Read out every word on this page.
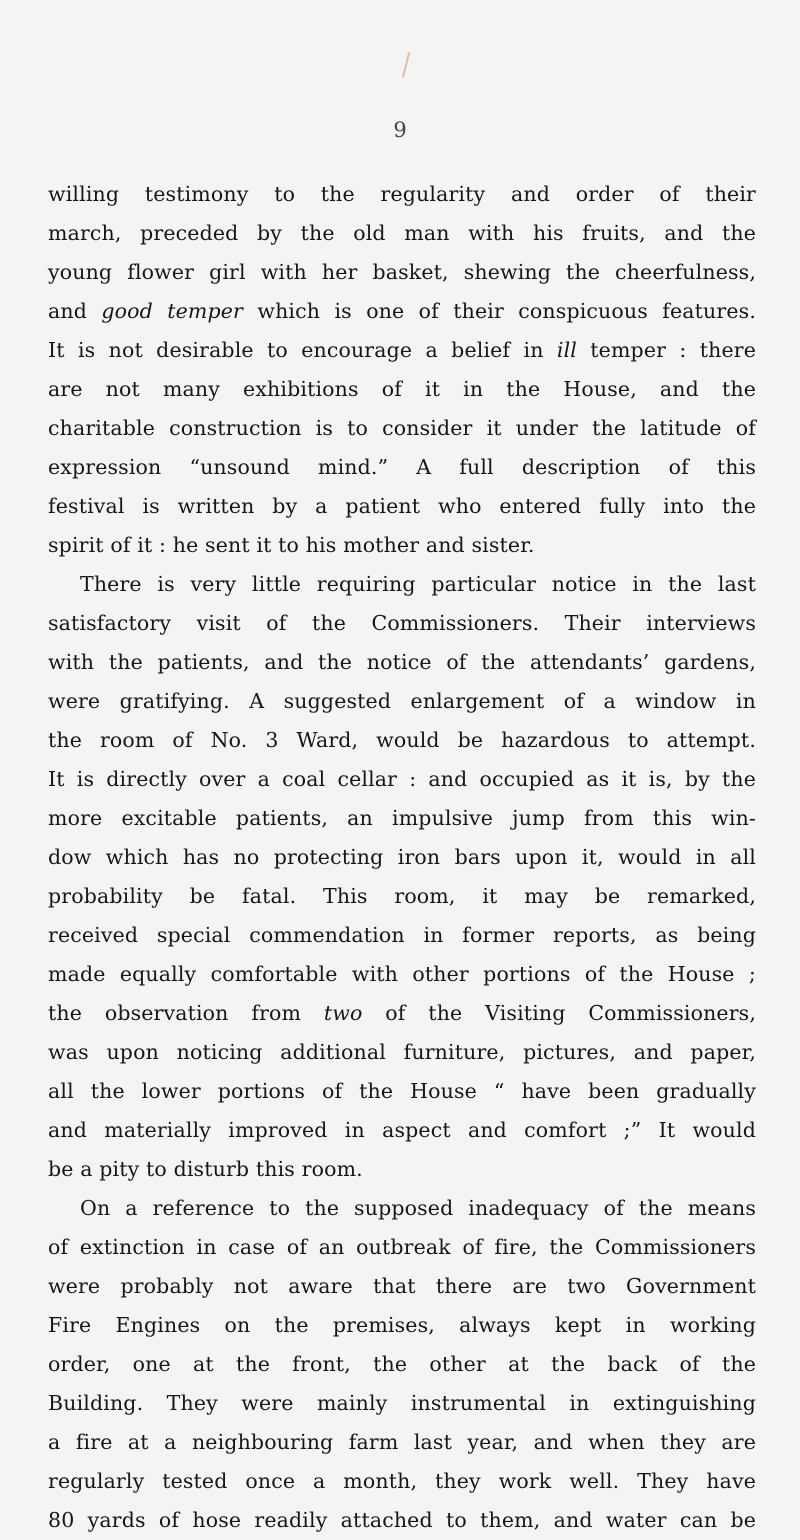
9
willing testimony to the regularity and order of their
march, preceded by the old man with his fruits, and the
young flower girl with her basket, shewing the cheerfulness,
and good temper which is one of their conspicuous features.
It is not desirable to encourage a belief in ill temper : there
are not many exhibitions of it in the House, and the
charitable construction is to consider it under the latitude of
expression “unsound mind.” A full description of this
festival is written by a patient who entered fully into the
spirit of it : he sent it to his mother and sister.
There is very little requiring particular notice in the last
satisfactory visit of the Commissioners. Their interviews
with the patients, and the notice of the attendants’ gardens,
were gratifying. A suggested enlargement of a window in
the room of No. 3 Ward, would be hazardous to attempt.
It is directly over a coal cellar : and occupied as it is, by the
more excitable patients, an impulsive jump from this win-
dow which has no protecting iron bars upon it, would in all
probability be fatal. This room, it may be remarked,
received special commendation in former reports, as being
made equally comfortable with other portions of the House ;
the observation from two of the Visiting Commissioners,
was upon noticing additional furniture, pictures, and paper,
all the lower portions of the House “ have been gradually
and materially improved in aspect and comfort ;” It would
be a pity to disturb this room.
On a reference to the supposed inadequacy of the means
of extinction in case of an outbreak of fire, the Commissioners
were probably not aware that there are two Government
Fire Engines on the premises, always kept in working
order, one at the front, the other at the back of the
Building. They were mainly instrumental in extinguishing
a fire at a neighbouring farm last year, and when they are
regularly tested once a month, they work well. They have
80 yards of hose readily attached to them, and water can be
